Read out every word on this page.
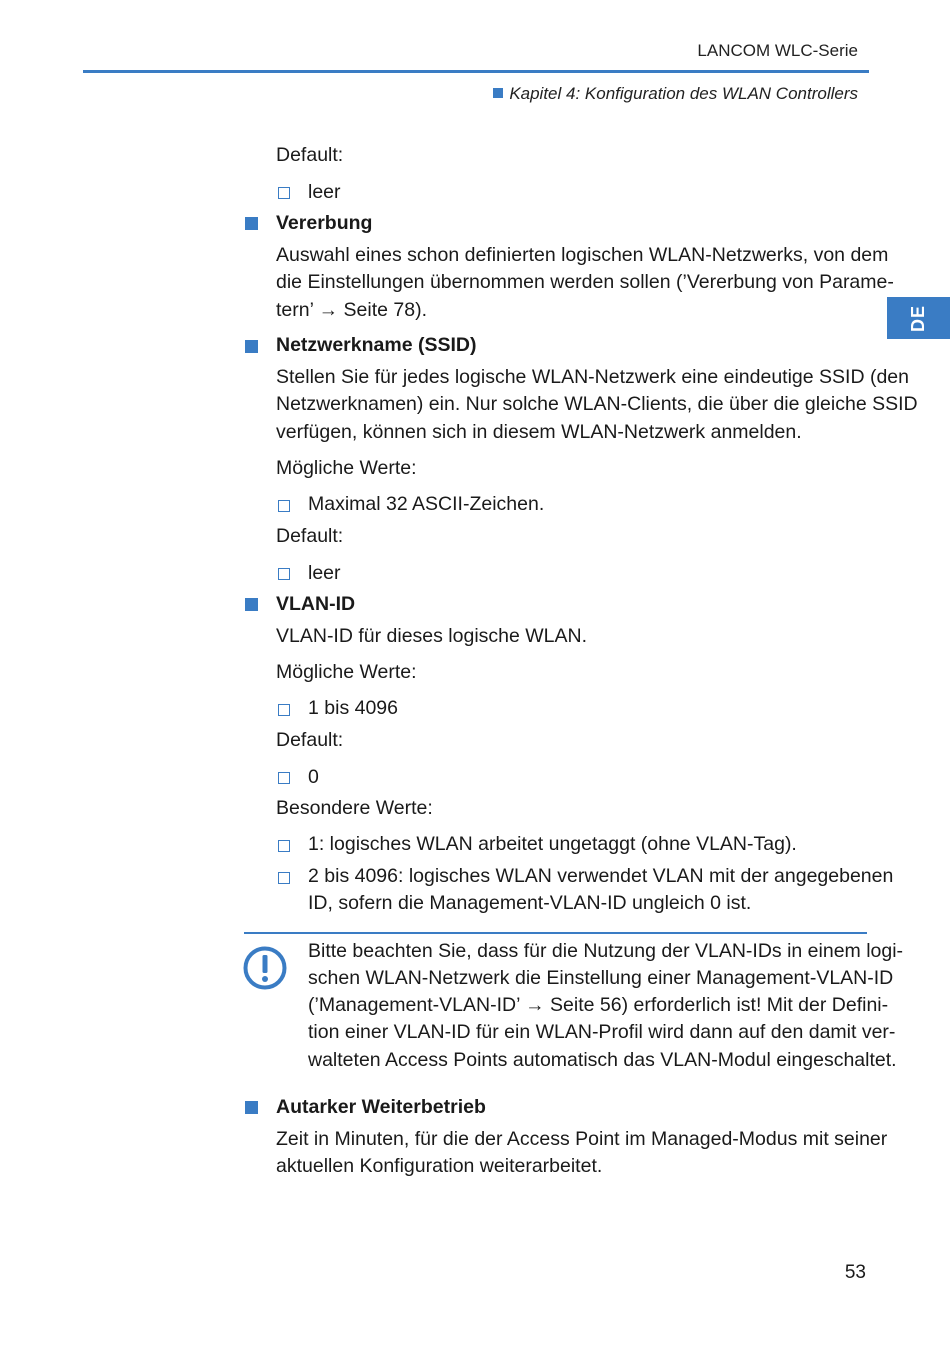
LANCOM WLC-Serie
Kapitel 4: Konfiguration des WLAN Controllers
DE
Default:
leer
Vererbung
Auswahl eines schon definierten logischen WLAN-Netzwerks, von dem
die Einstellungen übernommen werden sollen (’Vererbung von Parame-
tern’ → Seite 78).
Netzwerkname (SSID)
Stellen Sie für jedes logische WLAN-Netzwerk eine eindeutige SSID (den
Netzwerknamen) ein. Nur solche WLAN-Clients, die über die gleiche SSID
verfügen, können sich in diesem WLAN-Netzwerk anmelden.
Mögliche Werte:
Maximal 32 ASCII-Zeichen.
Default:
leer
VLAN-ID
VLAN-ID für dieses logische WLAN.
Mögliche Werte:
1 bis 4096
Default:
0
Besondere Werte:
1: logisches WLAN arbeitet ungetaggt (ohne VLAN-Tag).
2 bis 4096: logisches WLAN verwendet VLAN mit der angegebenen
ID, sofern die Management-VLAN-ID ungleich 0 ist.
Bitte beachten Sie, dass für die Nutzung der VLAN-IDs in einem logi-
schen WLAN-Netzwerk die Einstellung einer Management-VLAN-ID
(’Management-VLAN-ID’ → Seite 56) erforderlich ist! Mit der Defini-
tion einer VLAN-ID für ein WLAN-Profil wird dann auf den damit ver-
walteten Access Points automatisch das VLAN-Modul eingeschaltet.
Autarker Weiterbetrieb
Zeit in Minuten, für die der Access Point im Managed-Modus mit seiner
aktuellen Konfiguration weiterarbeitet.
53
